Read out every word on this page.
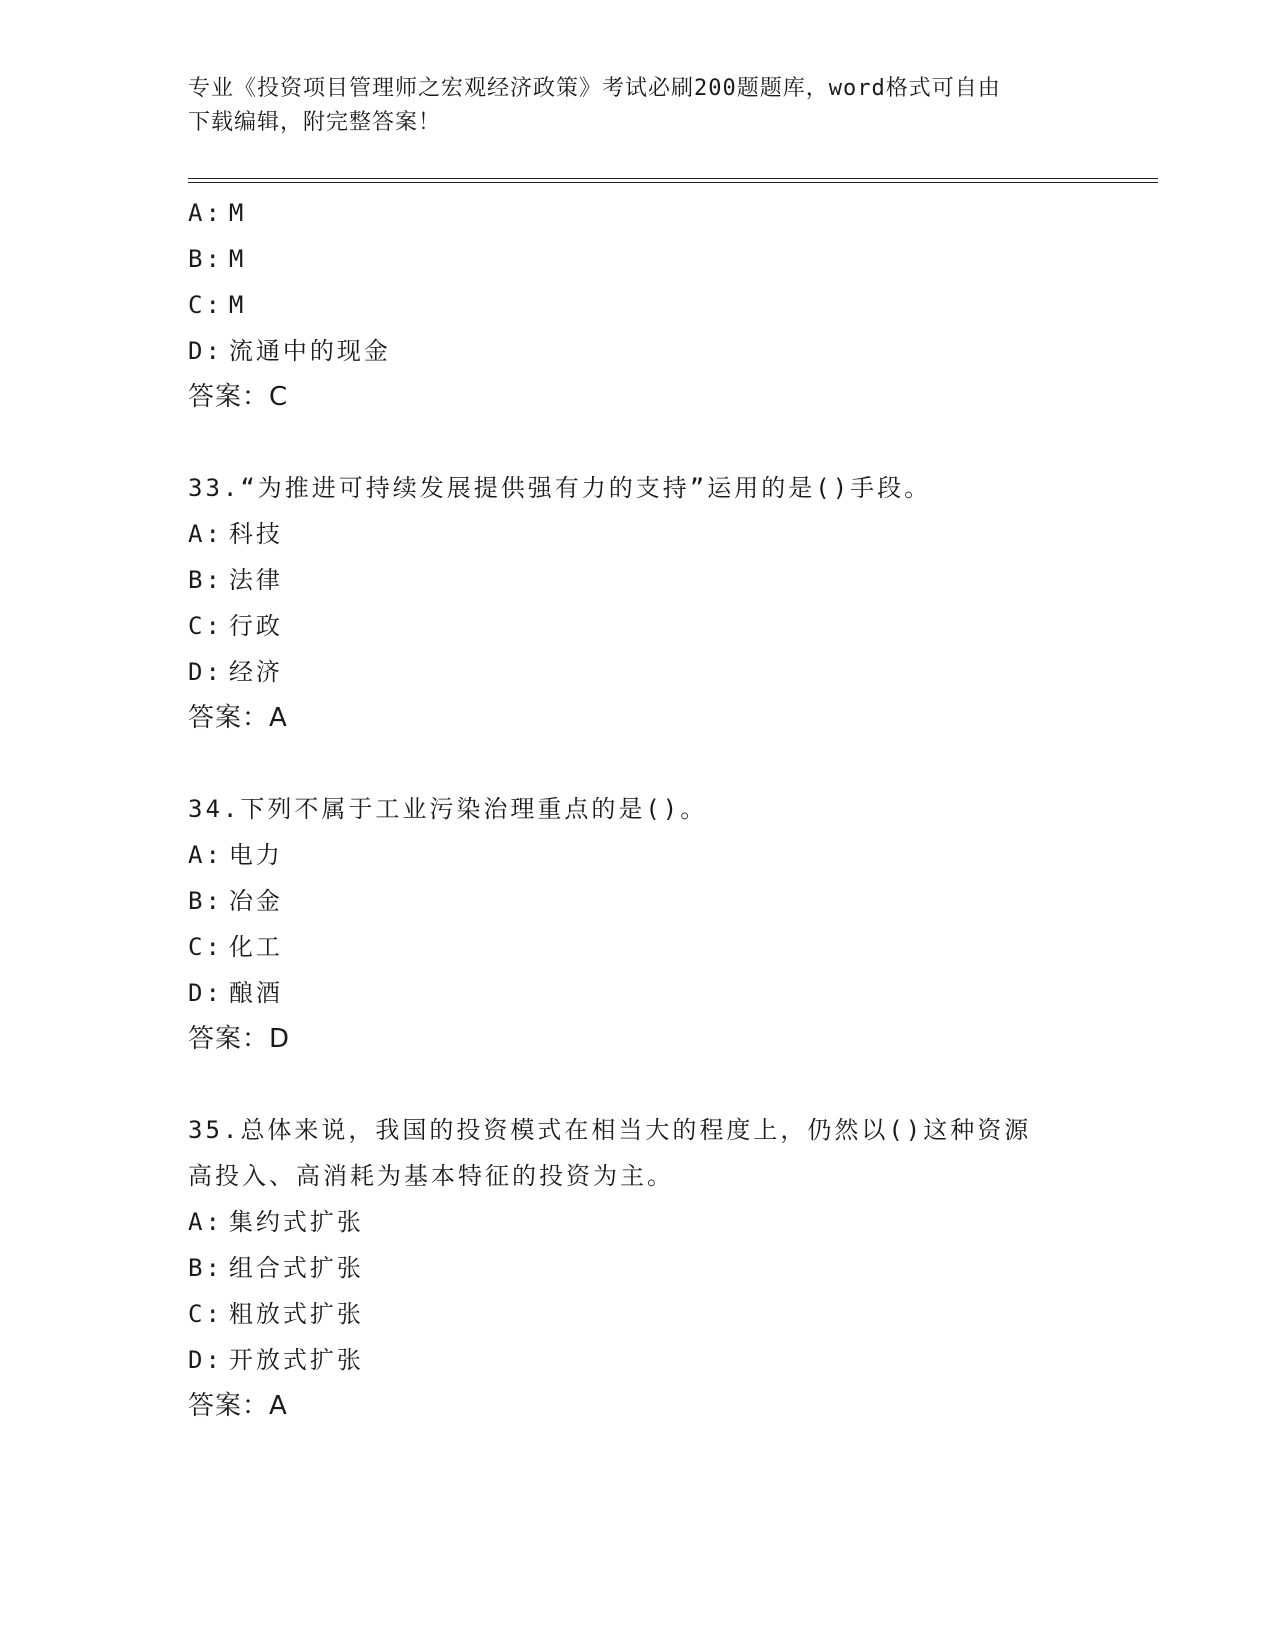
专业《投资项目管理师之宏观经济政策》考试必刷200题题库，word格式可自由
下载编辑，附完整答案！
A: M
B: M
C: M
D: 流通中的现金
答案：C
33.“为推进可持续发展提供强有力的支持”运用的是()手段。
A: 科技
B: 法律
C: 行政
D: 经济
答案：A
34.下列不属于工业污染治理重点的是()。
A: 电力
B: 冶金
C: 化工
D: 酿酒
答案：D
35.总体来说，我国的投资模式在相当大的程度上，仍然以()这种资源
高投入、高消耗为基本特征的投资为主。
A: 集约式扩张
B: 组合式扩张
C: 粗放式扩张
D: 开放式扩张
答案：A
